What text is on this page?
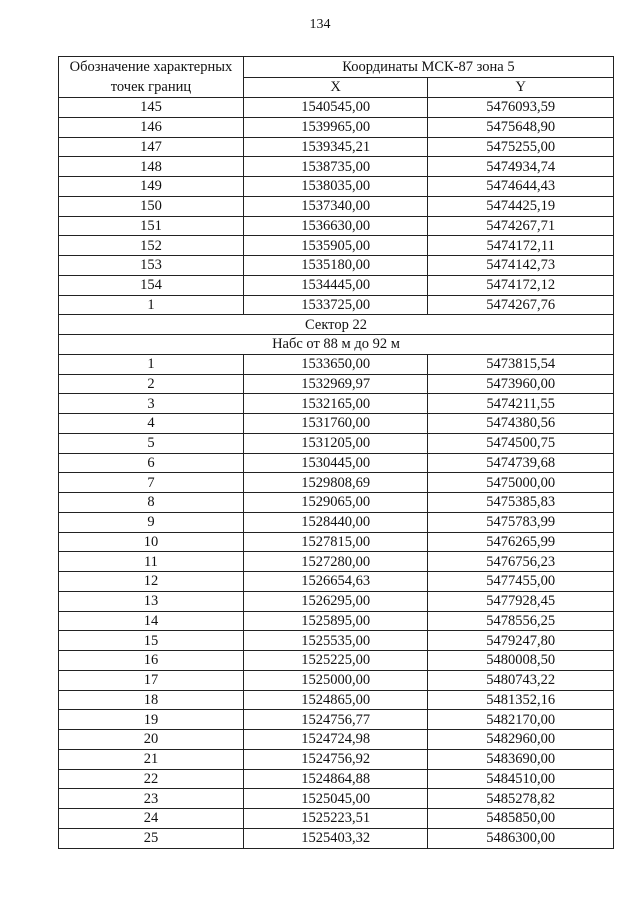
134
Обозначение характерных
точек границ	Координаты МСК-87 зона 5	
	X	Y
145	1540545,00	5476093,59
146	1539965,00	5475648,90
147	1539345,21	5475255,00
148	1538735,00	5474934,74
149	1538035,00	5474644,43
150	1537340,00	5474425,19
151	1536630,00	5474267,71
152	1535905,00	5474172,11
153	1535180,00	5474142,73
154	1534445,00	5474172,12
1	1533725,00	5474267,76
Сектор 22		
Набс от 88 м до 92 м		
1	1533650,00	5473815,54
2	1532969,97	5473960,00
3	1532165,00	5474211,55
4	1531760,00	5474380,56
5	1531205,00	5474500,75
6	1530445,00	5474739,68
7	1529808,69	5475000,00
8	1529065,00	5475385,83
9	1528440,00	5475783,99
10	1527815,00	5476265,99
11	1527280,00	5476756,23
12	1526654,63	5477455,00
13	1526295,00	5477928,45
14	1525895,00	5478556,25
15	1525535,00	5479247,80
16	1525225,00	5480008,50
17	1525000,00	5480743,22
18	1524865,00	5481352,16
19	1524756,77	5482170,00
20	1524724,98	5482960,00
21	1524756,92	5483690,00
22	1524864,88	5484510,00
23	1525045,00	5485278,82
24	1525223,51	5485850,00
25	1525403,32	5486300,00
